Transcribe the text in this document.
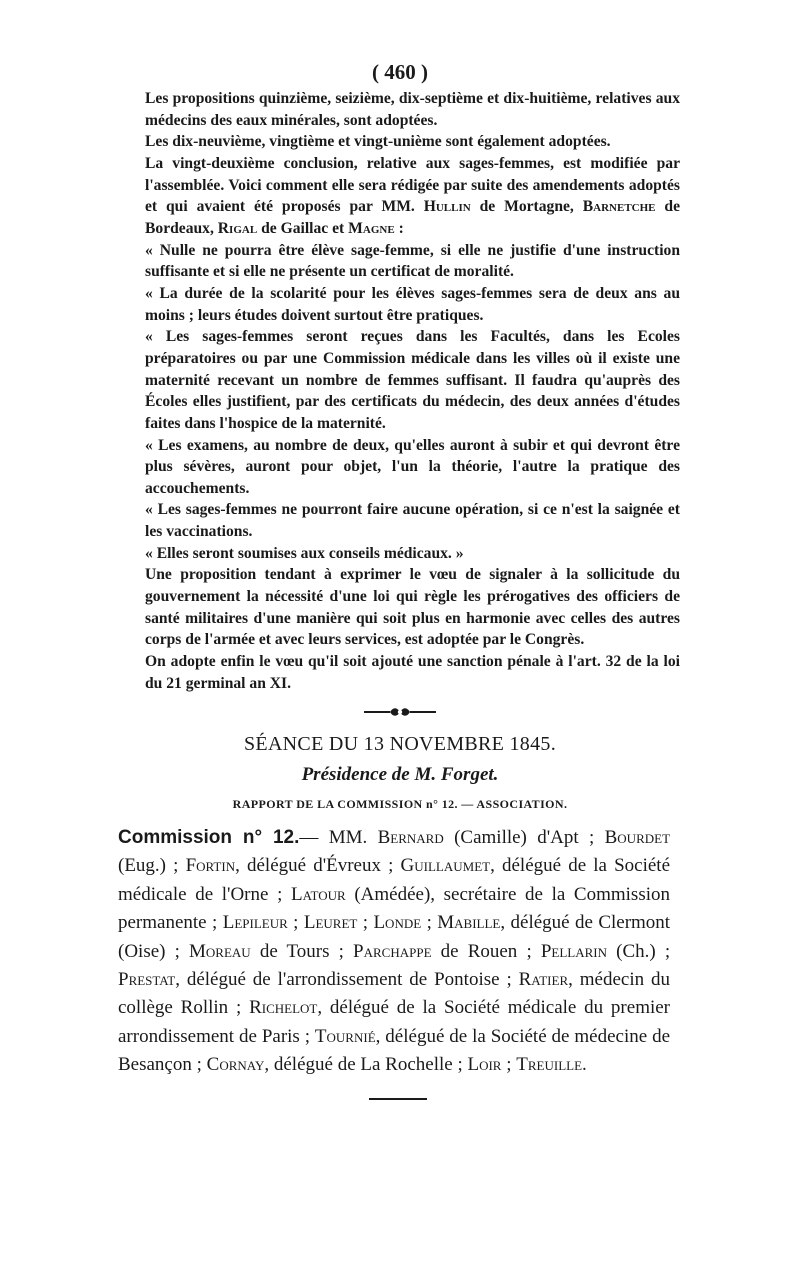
( 460 )

Les propositions quinzième, seizième, dix-septième et dix-huitième, relatives aux médecins des eaux minérales, sont adoptées.

Les dix-neuvième, vingtième et vingt-unième sont également adoptées.

La vingt-deuxième conclusion, relative aux sages-femmes, est modifiée par l'assemblée. Voici comment elle sera rédigée par suite des amendements adoptés et qui avaient été proposés par MM. Hullin de Mortagne, Barnetche de Bordeaux, Rigal de Gaillac et Magne :

« Nulle ne pourra être élève sage-femme, si elle ne justifie d'une instruction suffisante et si elle ne présente un certificat de moralité.

« La durée de la scolarité pour les élèves sages-femmes sera de deux ans au moins ; leurs études doivent surtout être pratiques.

« Les sages-femmes seront reçues dans les Facultés, dans les Ecoles préparatoires ou par une Commission médicale dans les villes où il existe une maternité recevant un nombre de femmes suffisant. Il faudra qu'auprès des Écoles elles justifient, par des certificats du médecin, des deux années d'études faites dans l'hospice de la maternité.

« Les examens, au nombre de deux, qu'elles auront à subir et qui devront être plus sévères, auront pour objet, l'un la théorie, l'autre la pratique des accouchements.

« Les sages-femmes ne pourront faire aucune opération, si ce n'est la saignée et les vaccinations.

« Elles seront soumises aux conseils médicaux. »

Une proposition tendant à exprimer le vœu de signaler à la sollicitude du gouvernement la nécessité d'une loi qui règle les prérogatives des officiers de santé militaires d'une manière qui soit plus en harmonie avec celles des autres corps de l'armée et avec leurs services, est adoptée par le Congrès.

On adopte enfin le vœu qu'il soit ajouté une sanction pénale à l'art. 32 de la loi du 21 germinal an XI.

SÉANCE DU 13 NOVEMBRE 1845.
Présidence de M. Forget.
RAPPORT DE LA COMMISSION n° 12. — ASSOCIATION.
Commission n° 12.— MM. Bernard (Camille) d'Apt ; Bourdet (Eug.) ; Fortin, délégué d'Évreux ; Guillaumet, délégué de la Société médicale de l'Orne ; Latour (Amédée), secrétaire de la Commission permanente ; Lepileur ; Leuret ; Londe ; Mabille, délégué de Clermont (Oise) ; Moreau de Tours ; Parchappe de Rouen ; Pellarin (Ch.) ; Prestat, délégué de l'arrondissement de Pontoise ; Ratier, médecin du collège Rollin ; Richelot, délégué de la Société médicale du premier arrondissement de Paris ; Tournié, délégué de la Société de médecine de Besançon ; Cornay, délégué de La Rochelle ; Loir ; Treuille.
